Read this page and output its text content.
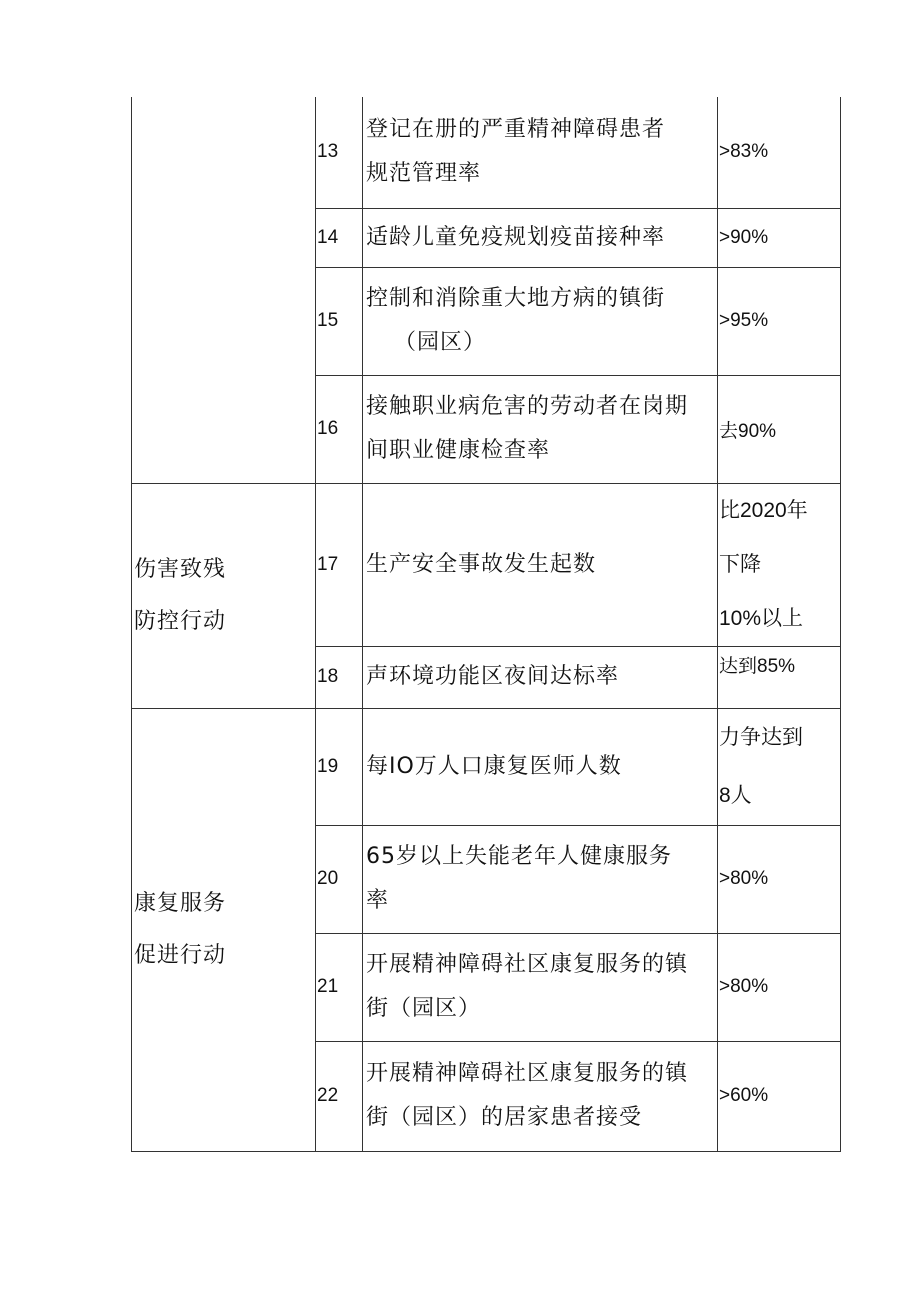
	13	登记在册的严重精神障碍患者
规范管理率	>83%
	14	适龄儿童免疫规划疫苗接种率	>90%
	15	控制和消除重大地方病的镇街
（园区）	>95%
	16	接触职业病危害的劳动者在岗期
间职业健康检查率	去90%

伤害致残
防控行动	17	生产安全事故发生起数	比2020年
下降
10%以上

	18	声环境功能区夜间达标率	达到85%

康复服务
促进行动	19	每IO万人口康复医师人数	力争达到
8人

	20	65岁以上失能老年人健康服务
率	>80%
	21	开展精神障碍社区康复服务的镇
街（园区）	>80%
	22	开展精神障碍社区康复服务的镇
街（园区）的居家患者接受	>60%
